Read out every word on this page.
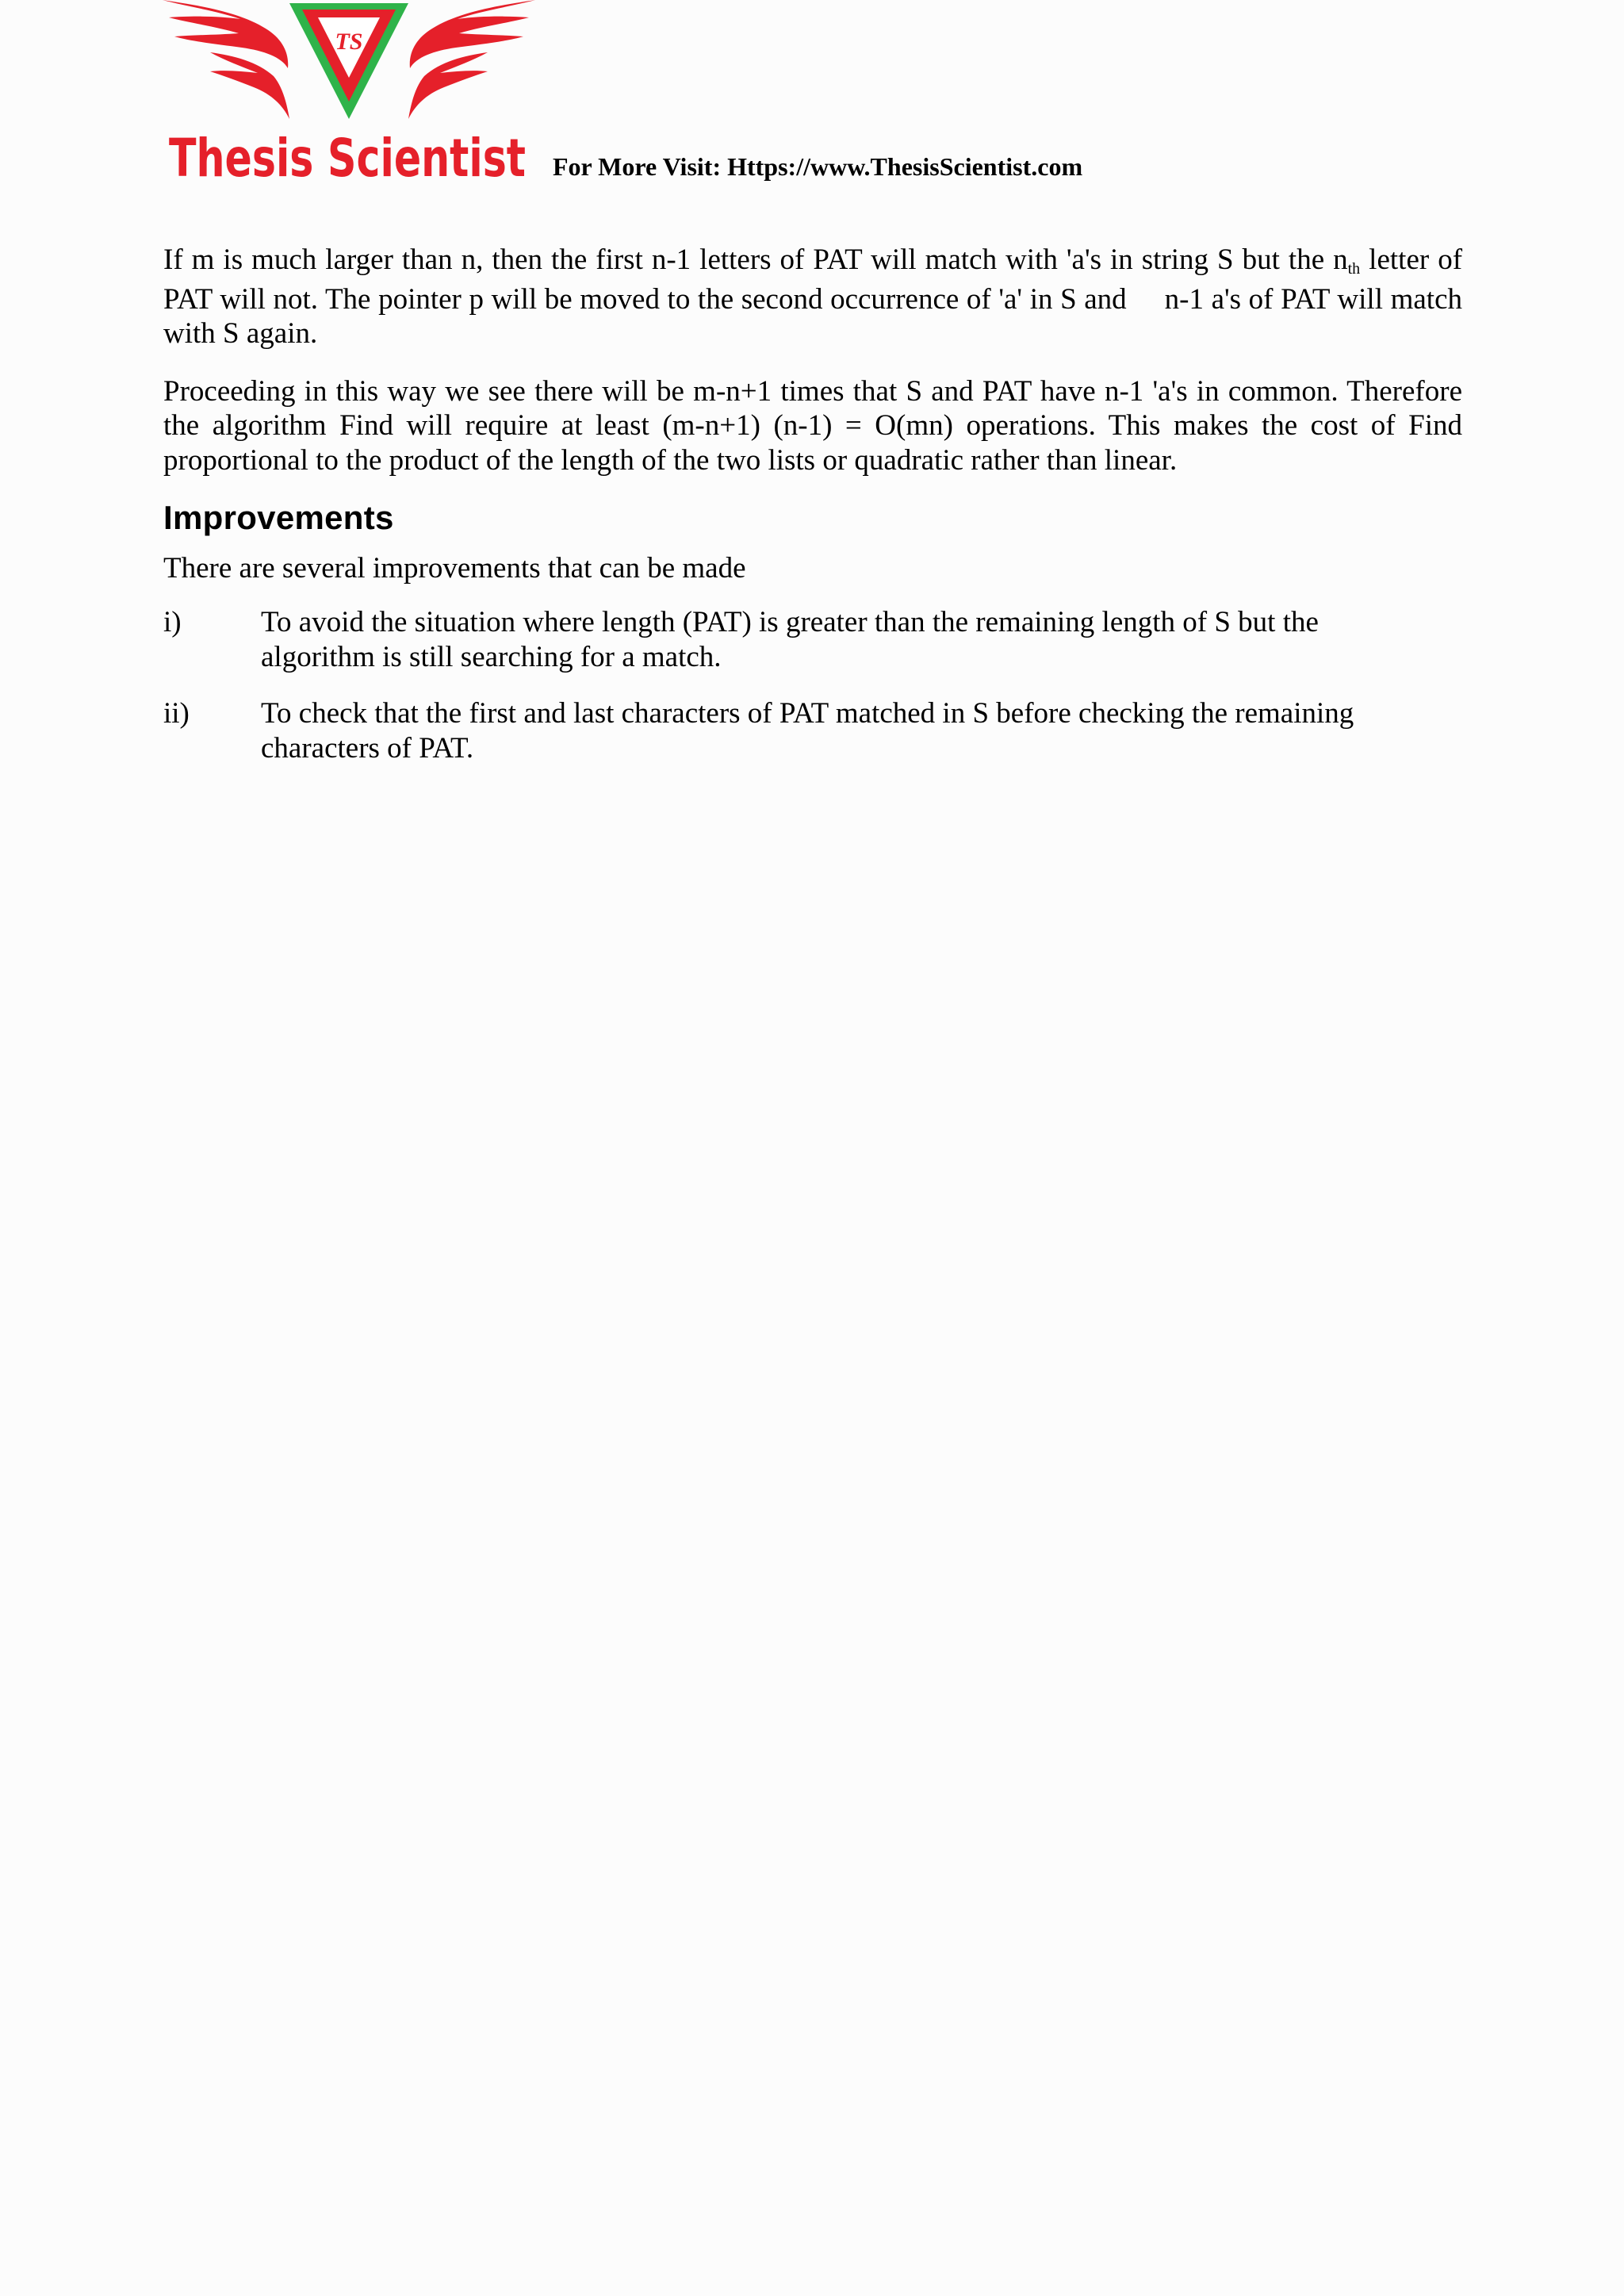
TS
Thesis Scientist For More Visit: Https://www.ThesisScientist.com

If m is much larger than n, then the first n-1 letters of PAT will match with 'a's in string S but the nth letter of PAT will not. The pointer p will be moved to the second occurrence of 'a' in S and n-1 a's of PAT will match with S again.

Proceeding in this way we see there will be m-n+1 times that S and PAT have n-1 'a's in common. Therefore the algorithm Find will require at least (m-n+1) (n-1) = O(mn) operations. This makes the cost of Find proportional to the product of the length of the two lists or quadratic rather than linear.

Improvements

There are several improvements that can be made

i)	To avoid the situation where length (PAT) is greater than the remaining length of S but the algorithm is still searching for a match.
ii) To check that the first and last characters of PAT matched in S before checking the remaining characters of PAT.
